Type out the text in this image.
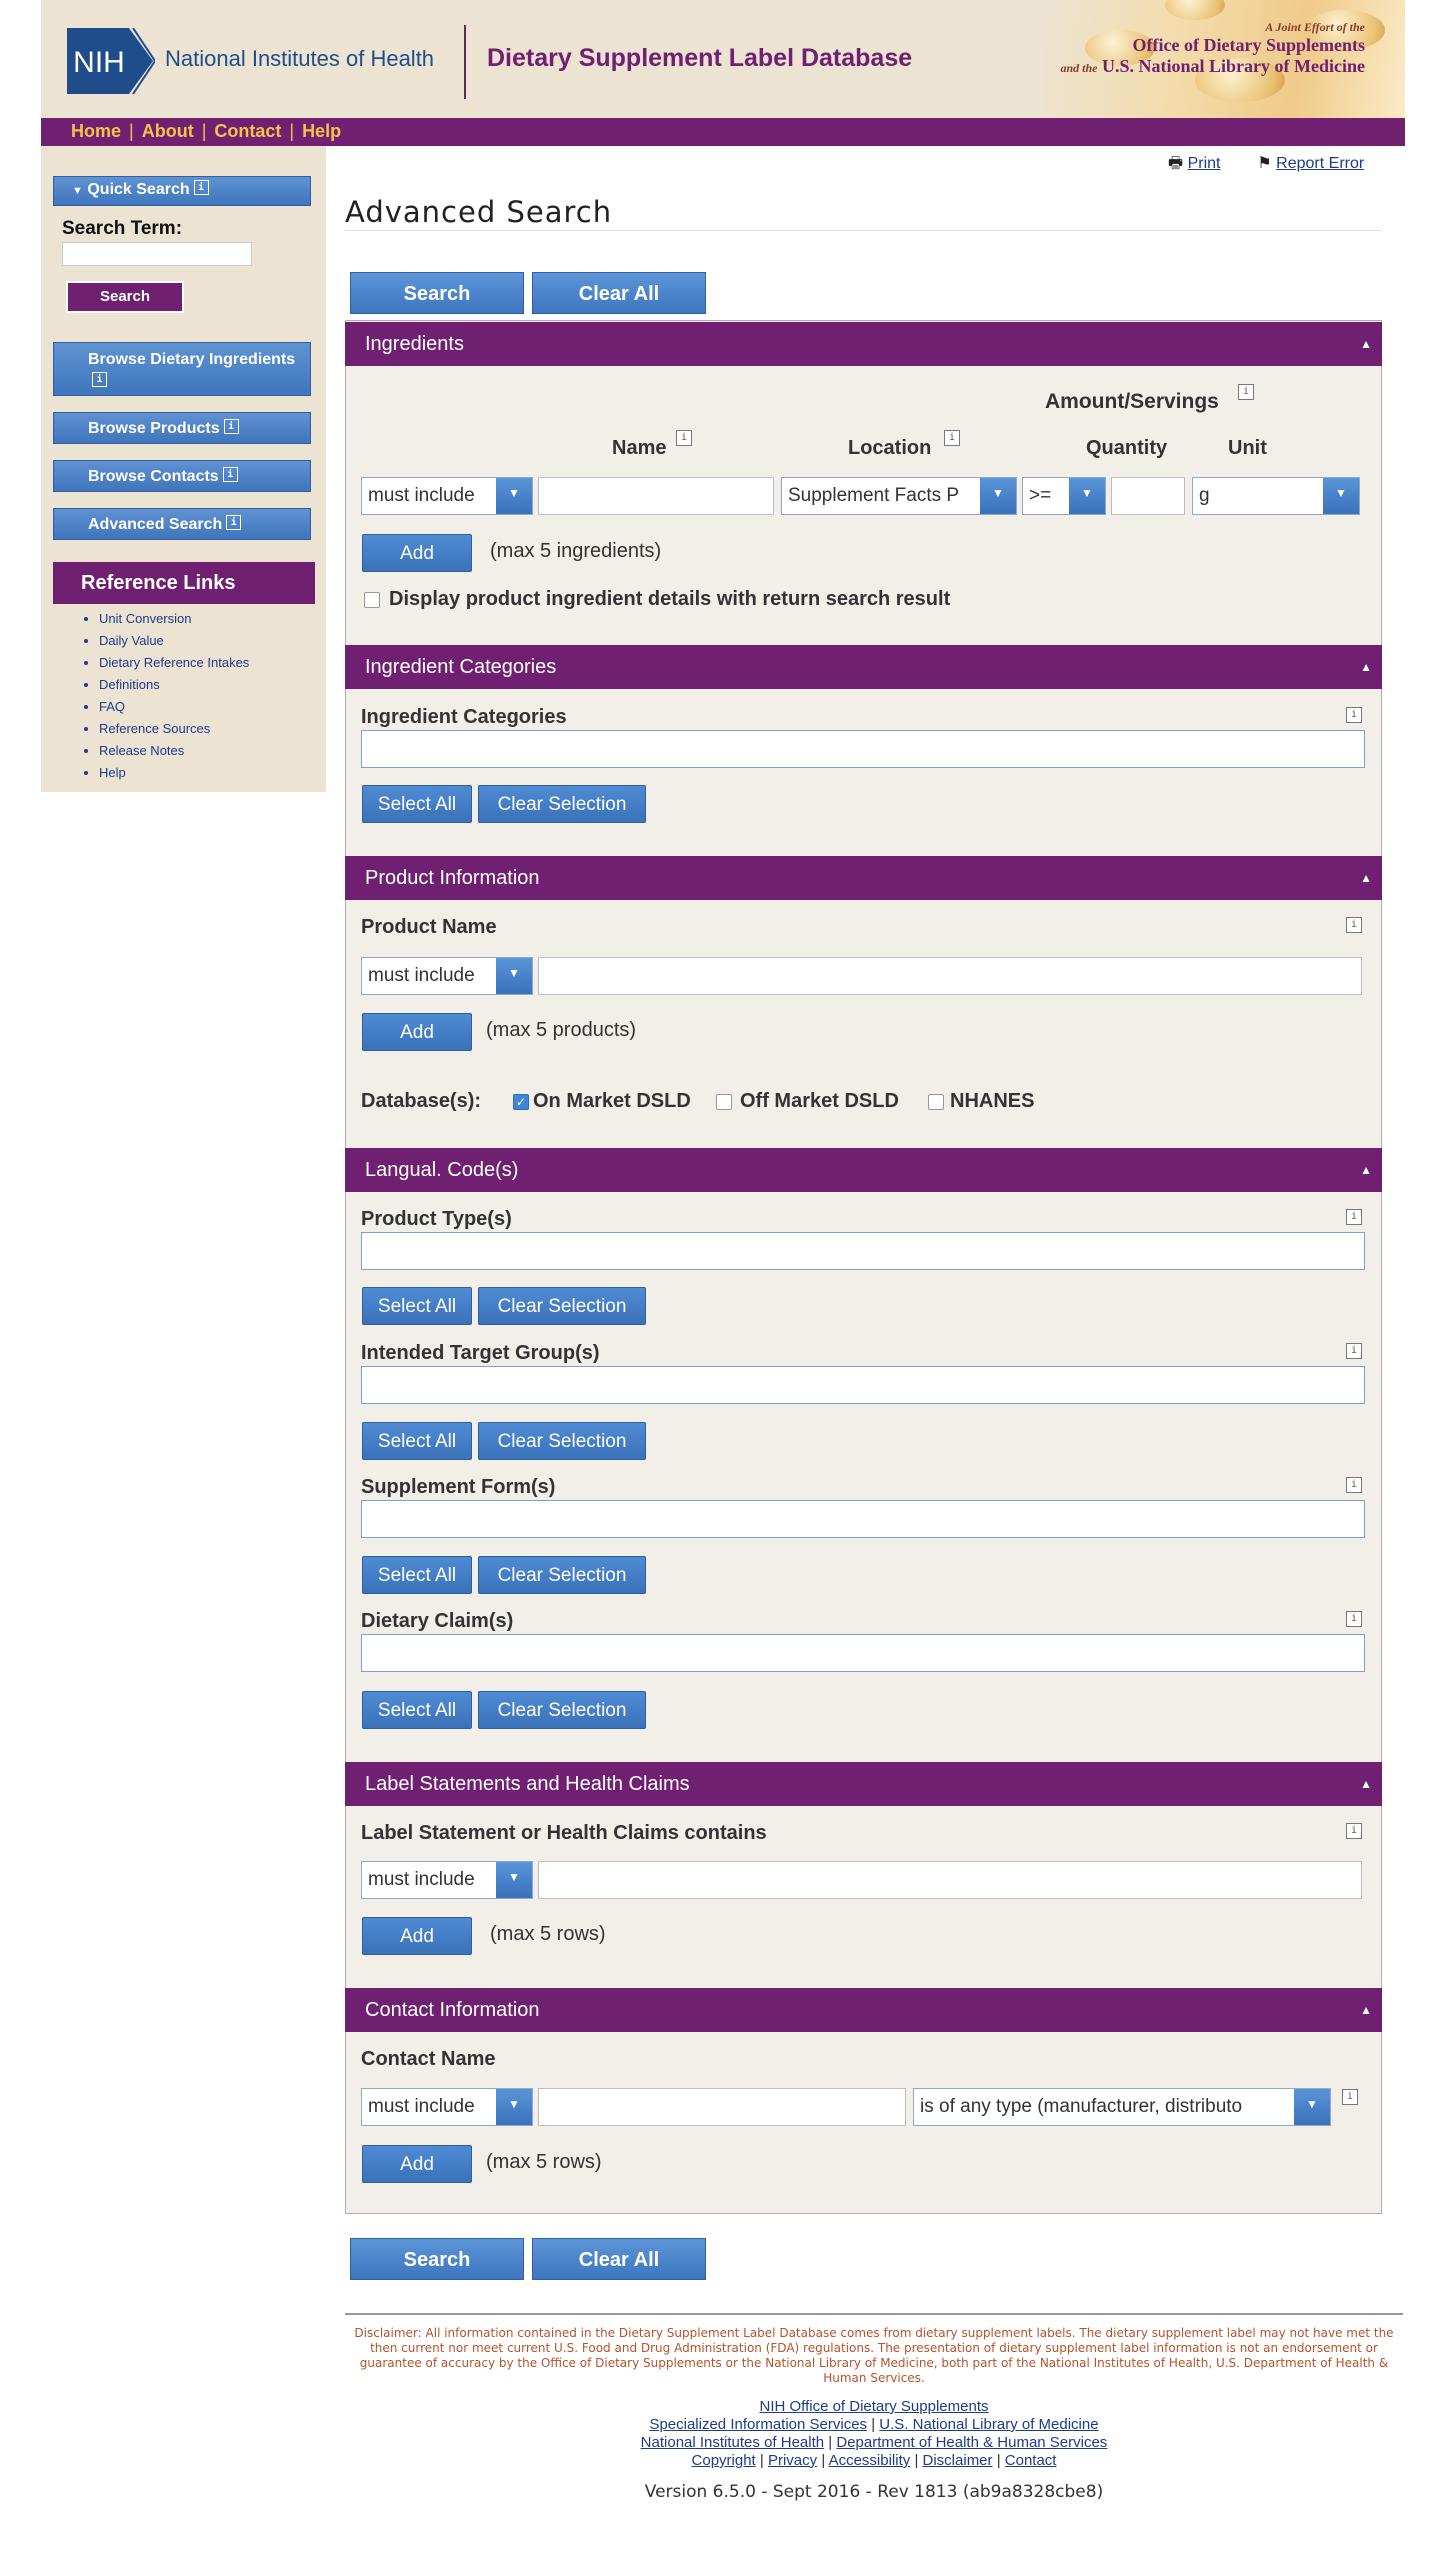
NIH National Institutes of Health Dietary Supplement Label Database
A Joint Effort of the
Office of Dietary Supplements
and the U.S. National Library of Medicine
Home | About | Contact | Help
▼ Quick Search i
Search Term:
Search
Browse Dietary Ingredientsi
Browse Products i
Browse Contacts i
Advanced Search i
Reference Links
• Unit Conversion
• Daily Value
• Dietary Reference Intakes
• Definitions
• FAQ
• Reference Sources
• Release Notes
• Help
🖶 Print ⚑ Report Error
Advanced Search
Search	Clear All
Ingredients	▲
Amount/Servings	i
Name	i	Location	i	Quantity	Unit
must include	▼	Supplement Facts P	▼	>=	▼	g	▼
Add	(max 5 ingredients)
Display product ingredient details with return search result
Ingredient Categories	▲
Ingredient Categories	i
Select All	Clear Selection
Product Information	▲
Product Name	i
must include	▼
Add	(max 5 products)
Database(s):	✓ On Market DSLD Off Market DSLD	NHANES
Langual. Code(s)	▲
Product Type(s)	i
Select All	Clear Selection
Intended Target Group(s)	i
Select All	Clear Selection
Supplement Form(s)	i
Select All	Clear Selection
Dietary Claim(s)	i
Select All	Clear Selection
Label Statements and Health Claims	▲
Label Statement or Health Claims contains	i
must include	▼
Add	(max 5 rows)
Contact Information	▲
Contact Name
must include	▼	is of any type (manufacturer, distributo	▼
i
Add	(max 5 rows)
Search	Clear All
Disclaimer: All information contained in the Dietary Supplement Label Database comes from dietary supplement labels. The dietary supplement label may not have met the then current nor meet current U.S. Food and Drug Administration (FDA) regulations. The presentation of dietary supplement label information is not an endorsement or guarantee of accuracy by the Office of Dietary Supplements or the National Library of Medicine, both part of the National Institutes of Health, U.S. Department of Health & Human Services.
NIH Office of Dietary Supplements
Specialized Information Services | U.S. National Library of Medicine
National Institutes of Health | Department of Health & Human Services
Copyright | Privacy | Accessibility | Disclaimer | Contact
Version 6.5.0 - Sept 2016 - Rev 1813 (ab9a8328cbe8)
